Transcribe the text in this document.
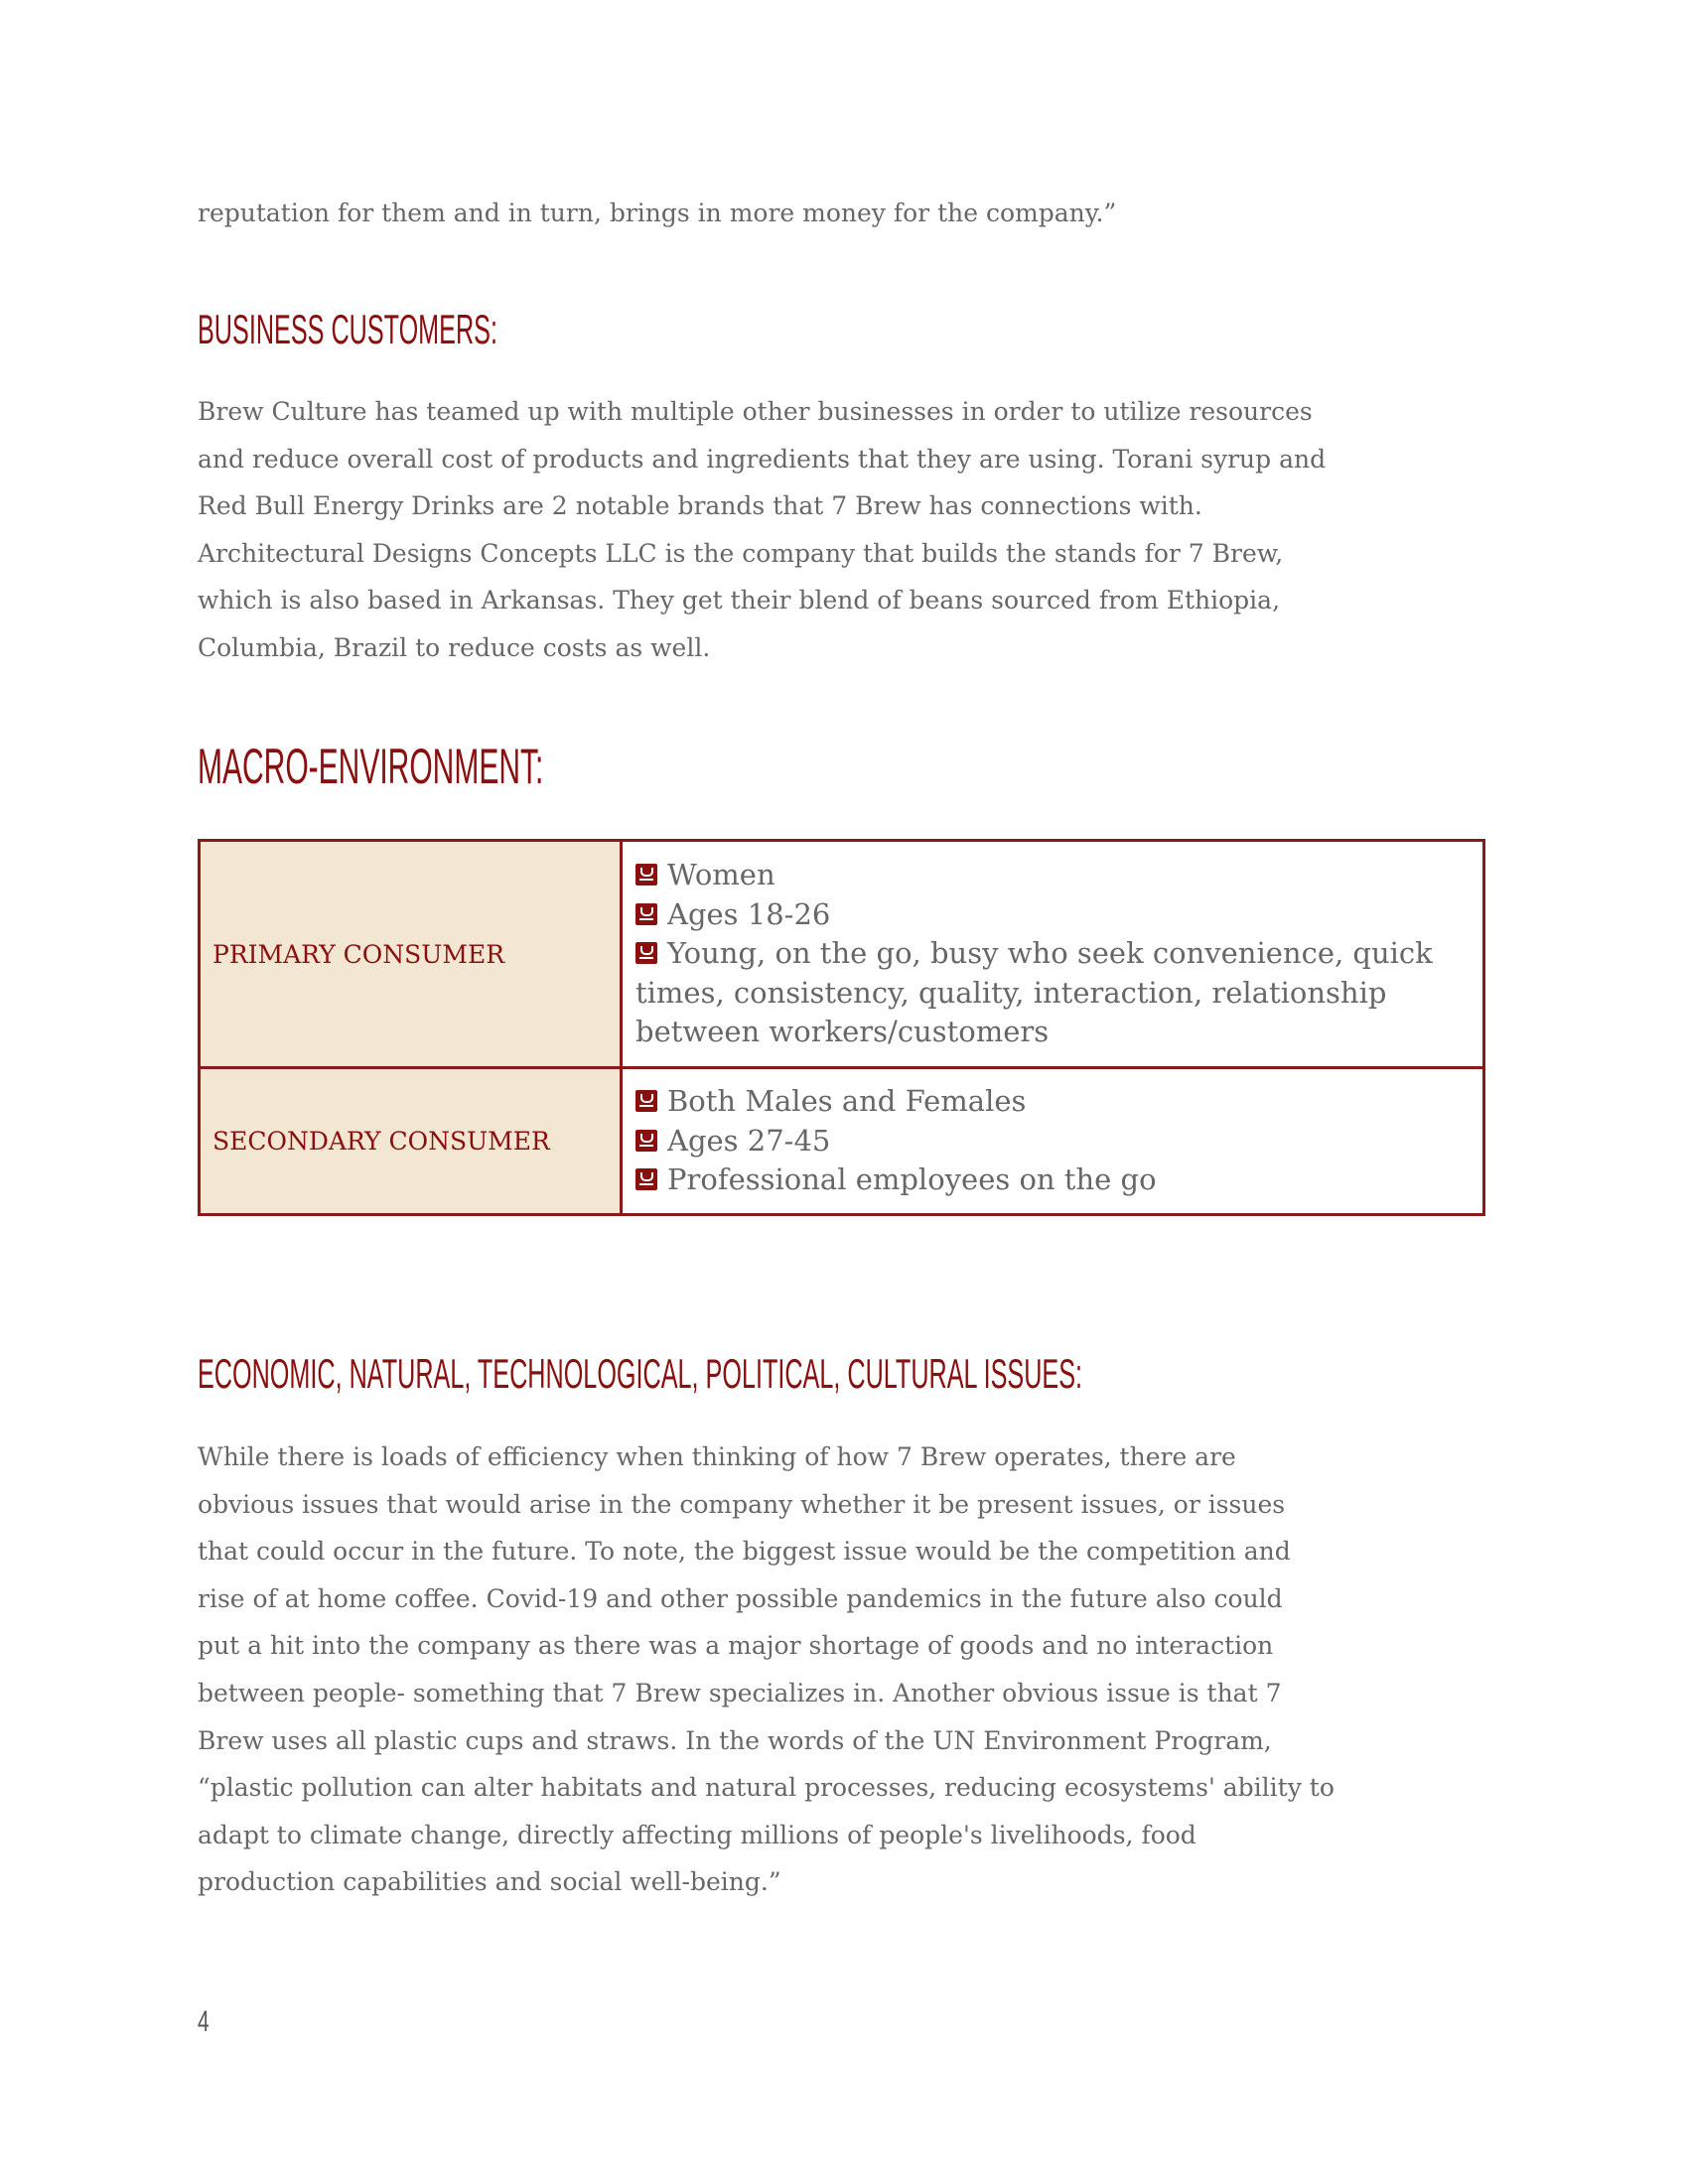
reputation for them and in turn, brings in more money for the company.”
BUSINESS CUSTOMERS:
Brew Culture has teamed up with multiple other businesses in order to utilize resources
and reduce overall cost of products and ingredients that they are using. Torani syrup and
Red Bull Energy Drinks are 2 notable brands that 7 Brew has connections with.
Architectural Designs Concepts LLC is the company that builds the stands for 7 Brew,
which is also based in Arkansas. They get their blend of beans sourced from Ethiopia,
Columbia, Brazil to reduce costs as well.
MACRO-ENVIRONMENT:
PRIMARY CONSUMER	Women
Ages 18-26
Young, on the go, busy who seek convenience, quick times, consistency, quality, interaction, relationship between workers/customers

SECONDARY CONSUMER	Both Males and Females
Ages 27-45
Professional employees on the go
ECONOMIC, NATURAL, TECHNOLOGICAL, POLITICAL, CULTURAL ISSUES:
While there is loads of efficiency when thinking of how 7 Brew operates, there are
obvious issues that would arise in the company whether it be present issues, or issues
that could occur in the future. To note, the biggest issue would be the competition and
rise of at home coffee. Covid-19 and other possible pandemics in the future also could
put a hit into the company as there was a major shortage of goods and no interaction
between people- something that 7 Brew specializes in. Another obvious issue is that 7
Brew uses all plastic cups and straws. In the words of the UN Environment Program,
“plastic pollution can alter habitats and natural processes, reducing ecosystems' ability to
adapt to climate change, directly affecting millions of people's livelihoods, food
production capabilities and social well-being.”
4
